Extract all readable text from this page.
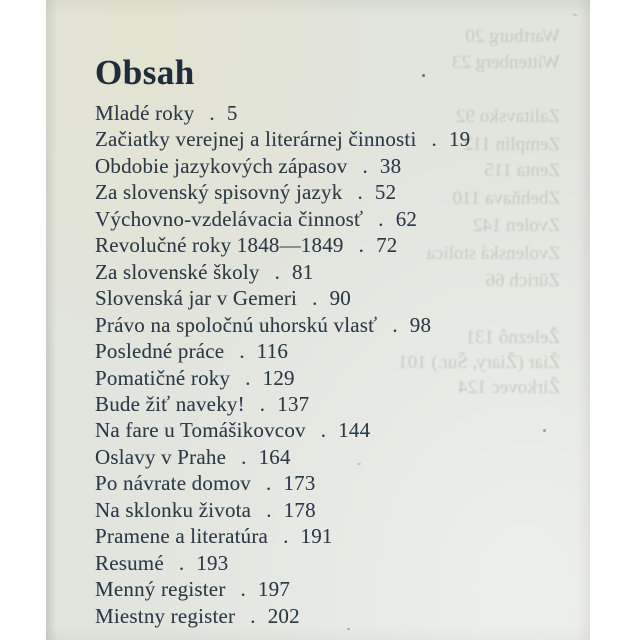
Wartburg 20
Wittenberg 23
Zalitavsko 92
Zemplín 112
Zenta 115
Zbehňava 110
Zvolen 142
Zvolenská stolica
Zürich 66
Železnô 131
Žiar (Žiary, Šur.) 101
Žirkovec 124
Obsah
Mladé roky . 5
Začiatky verejnej a literárnej činnosti . 19
Obdobie jazykových zápasov . 38
Za slovenský spisovný jazyk . 52
Výchovno-vzdelávacia činnosť . 62
Revolučné roky 1848—1849 . 72
Za slovenské školy . 81
Slovenská jar v Gemeri . 90
Právo na spoločnú uhorskú vlasť . 98
Posledné práce . 116
Pomatičné roky . 129
Bude žiť naveky! . 137
Na fare u Tomášikovcov . 144
Oslavy v Prahe . 164
Po návrate domov . 173
Na sklonku života . 178
Pramene a literatúra . 191
Resumé . 193
Menný register . 197
Miestny register . 202
